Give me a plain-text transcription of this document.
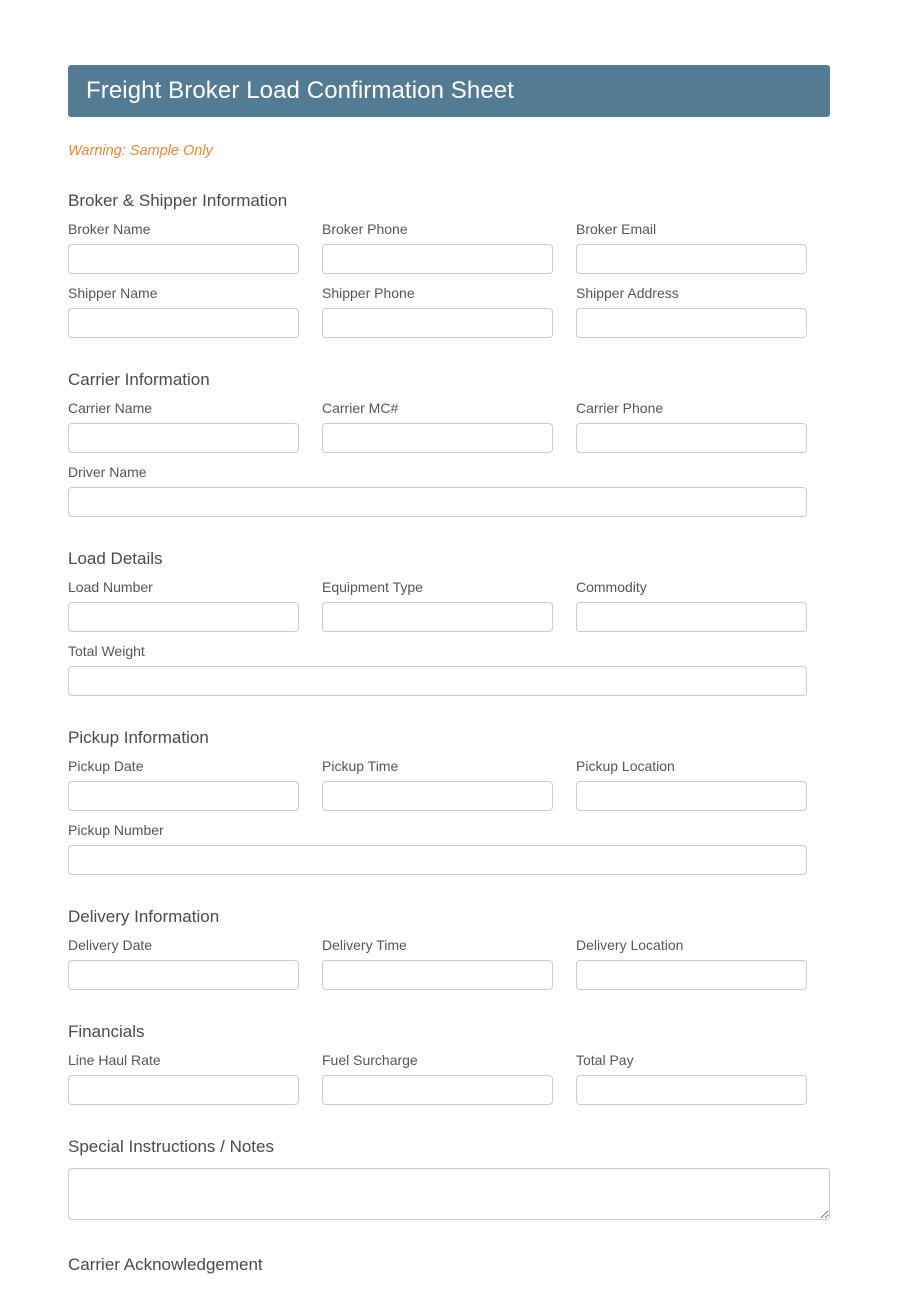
Freight Broker Load Confirmation Sheet
Warning: Sample Only
Broker & Shipper Information
Broker Name	Broker Phone	Broker Email
Shipper Name	Shipper Phone	Shipper Address
Carrier Information
Carrier Name	Carrier MC#	Carrier Phone
Driver Name
Load Details
Load Number	Equipment Type	Commodity
Total Weight
Pickup Information
Pickup Date	Pickup Time	Pickup Location
Pickup Number
Delivery Information
Delivery Date	Delivery Time	Delivery Location
Financials
Line Haul Rate	Fuel Surcharge	Total Pay
Special Instructions / Notes
Carrier Acknowledgement
